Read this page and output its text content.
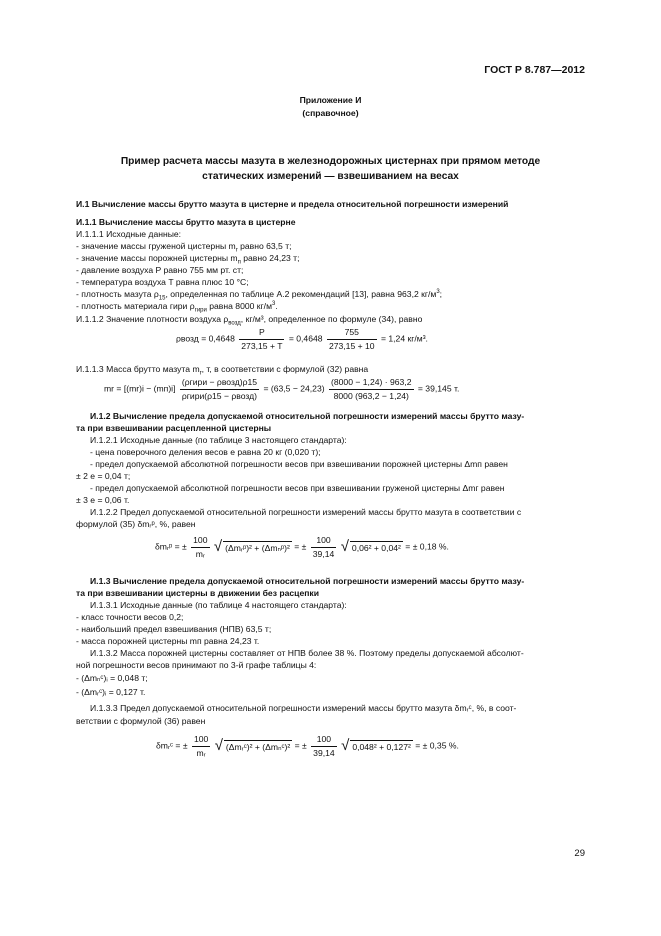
ГОСТ Р 8.787—2012
Приложение И
(справочное)
Пример расчета массы мазута в железнодорожных цистернах при прямом методе
статических измерений — взвешиванием на весах
И.1 Вычисление массы брутто мазута в цистерне и предела относительной погрешности измерений
И.1.1 Вычисление массы брутто мазута в цистерне
И.1.1.1 Исходные данные:
- значение массы груженой цистерны $m_r$ равно 63,5 т;
- значение массы порожней цистерны $m_п$ равно 24,23 т;
- давление воздуха P равно 755 мм рт. ст;
- температура воздуха T равна плюс 10 °С;
- плотность мазута $\rho_{15}$, определенная по таблице А.2 рекомендаций [13], равна 963,2 $кг/м^3$;
- плотность материала гири $\rho_{гири}$ равна 8000 $кг/м^3$.
И.1.1.2 Значение плотности воздуха $\rho_{возд}$, кг/м³, определенное по формуле (34), равно
ρвозд = $0,4648 \frac{P}{273,15 + T} = 0,4648 \frac{755}{273,15 + 10} = 1,24$ кг/м³.
И.1.1.3 Масса брутто мазута $m_r$, т, в соответствии с формулой (32) равна
mr = $[(mr)i - (mп)i] \frac{\text{(ρгири − ρвозд)ρ15}}{\text{ρгири(ρ15 − ρвозд)}} = (63,5 - 24,23) \frac{(8000 - 1,24) \cdot 963,2}{8000 (963,2 - 1,24)} = 39,145$ т.
И.1.2 Вычисление предела допускаемой относительной погрешности измерений массы брутто мазу-
та при взвешивании расцепленной цистерны
И.1.2.1 Исходные данные (по таблице 3 настоящего стандарта):
- цена поверочного деления весов e равна 20 кг (0,020 т);
- предел допускаемой абсолютной погрешности весов при взвешивании порожней цистерны Δmп равен
± 2 e = 0,04 т;
- предел допускаемой абсолютной погрешности весов при взвешивании груженой цистерны Δmг равен
± 3 e = 0,06 т.
И.1.2.2 Предел допускаемой относительной погрешности измерений массы брутто мазута в соответствии с
формулой (35) δmᵣᵖ, %, равен
δmᵣᵖ = ± $\frac{100}{\text{mᵣ}}$ √ (Δmᵣᵖ)² + (Δmₙᵖ)² = ± $\frac{100}{39,14}$ √ 0,06² + 0,04² = ± 0,18 %.
И.1.3 Вычисление предела допускаемой относительной погрешности измерений массы брутто мазу-
та при взвешивании цистерны в движении без расцепки
И.1.3.1 Исходные данные (по таблице 4 настоящего стандарта):
- класс точности весов 0,2;
- наибольший предел взвешивания (НПВ) 63,5 т;
- масса порожней цистерны mп равна 24,23 т.
И.1.3.2 Масса порожней цистерны составляет от НПВ более 38 %. Поэтому пределы допускаемой абсолют-
ной погрешности весов принимают по 3-й графе таблицы 4:
- (Δmₙᶜ)ᵢ = 0,048 т;
- (Δmᵣᶜ)ᵢ = 0,127 т.
И.1.3.3 Предел допускаемой относительной погрешности измерений массы брутто мазута δmᵣᶜ, %, в соот-
ветствии с формулой (36) равен
δmᵣᶜ = ± $\frac{100}{\text{mᵣ}}$ √ (Δmᵣᶜ)² + (Δmₙᶜ)² = ± $\frac{100}{39,14}$ √ 0,048² + 0,127² = ± 0,35 %.
29
